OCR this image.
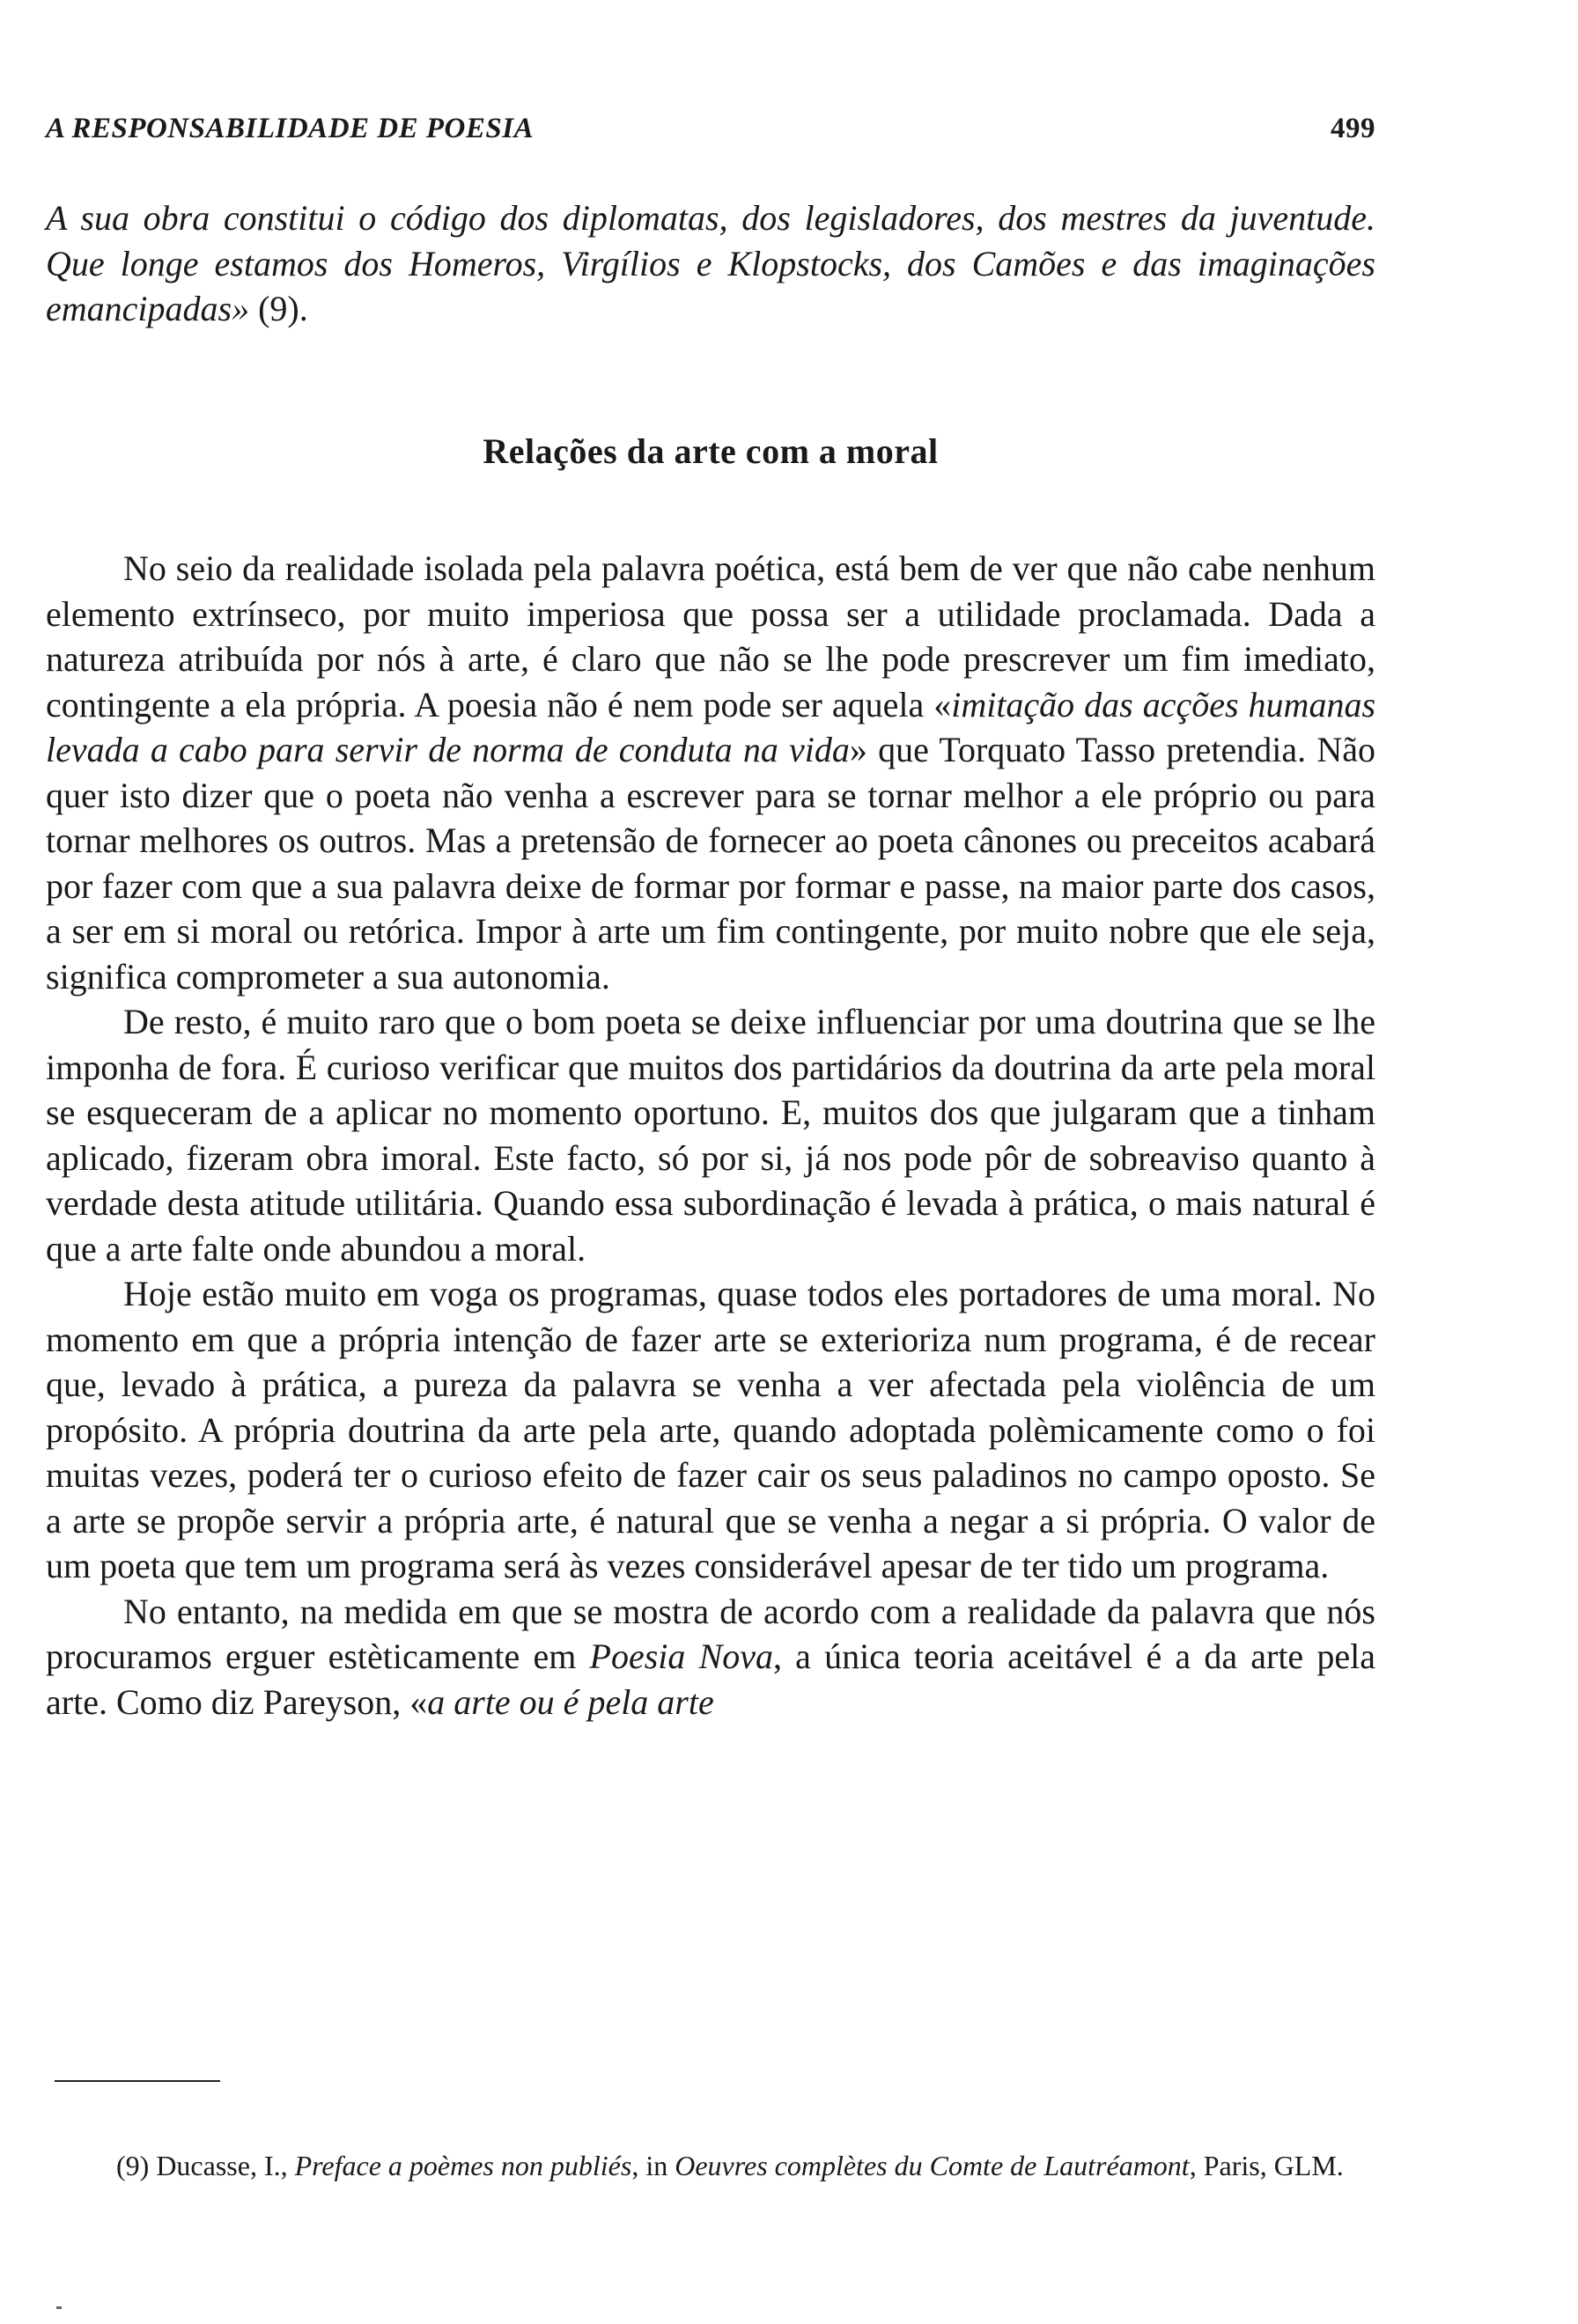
A RESPONSABILIDADE DE POESIA	499

A sua obra constitui o código dos diplomatas, dos legisladores, dos mestres da juventude. Que longe estamos dos Homeros, Virgílios e Klopstocks, dos Camões e das imaginações emancipadas» (9).

Relações da arte com a moral

No seio da realidade isolada pela palavra poética, está bem de ver que não cabe nenhum elemento extrínseco, por muito imperiosa que possa ser a utilidade proclamada. Dada a natureza atribuída por nós à arte, é claro que não se lhe pode prescrever um fim imediato, contingente a ela própria. A poesia não é nem pode ser aquela «imitação das acções humanas levada a cabo para servir de norma de conduta na vida» que Torquato Tasso pretendia. Não quer isto dizer que o poeta não venha a escrever para se tornar melhor a ele próprio ou para tornar melhores os outros. Mas a pretensão de fornecer ao poeta cânones ou preceitos acabará por fazer com que a sua palavra deixe de formar por formar e passe, na maior parte dos casos, a ser em si moral ou retórica. Impor à arte um fim contingente, por muito nobre que ele seja, significa comprometer a sua autonomia.

De resto, é muito raro que o bom poeta se deixe influenciar por uma doutrina que se lhe imponha de fora. É curioso verificar que muitos dos partidários da doutrina da arte pela moral se esqueceram de a aplicar no momento oportuno. E, muitos dos que julgaram que a tinham aplicado, fizeram obra imoral. Este facto, só por si, já nos pode pôr de sobreaviso quanto à verdade desta atitude utilitária. Quando essa subordinação é levada à prática, o mais natural é que a arte falte onde abundou a moral.

Hoje estão muito em voga os programas, quase todos eles portadores de uma moral. No momento em que a própria intenção de fazer arte se exterioriza num programa, é de recear que, levado à prática, a pureza da palavra se venha a ver afectada pela violência de um propósito. A própria doutrina da arte pela arte, quando adoptada polèmicamente como o foi muitas vezes, poderá ter o curioso efeito de fazer cair os seus paladinos no campo oposto. Se a arte se propõe servir a própria arte, é natural que se venha a negar a si própria. O valor de um poeta que tem um programa será às vezes considerável apesar de ter tido um programa.

No entanto, na medida em que se mostra de acordo com a realidade da palavra que nós procuramos erguer estèticamente em Poesia Nova, a única teoria aceitável é a da arte pela arte. Como diz Pareyson, «a arte ou é pela arte

(9) Ducasse, I., Preface a poèmes non publiés, in Oeuvres complètes du Comte de Lautréamont, Paris, GLM.
